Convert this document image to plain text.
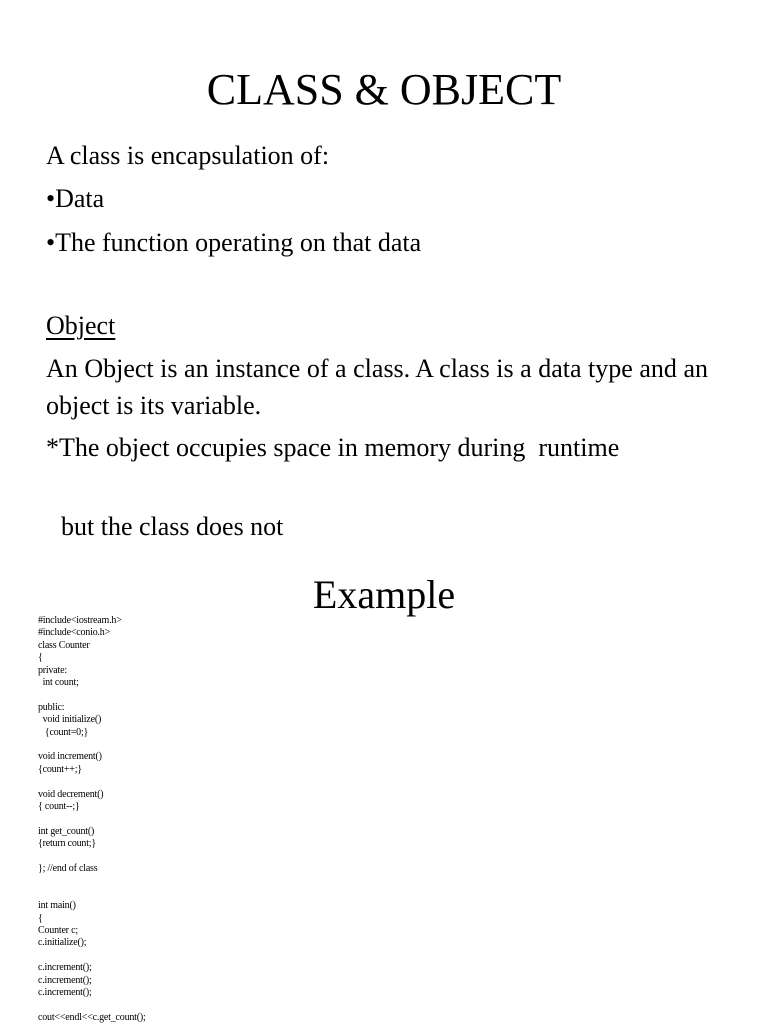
CLASS & OBJECT

A class is encapsulation of:

•Data
•The function operating on that data

Object

An Object is an instance of a class. A class is a data type and an object is its variable.

*The object occupies space in memory during  runtime

but the class does not

Example
#include<iostream.h>
#include<conio.h>
class Counter
{
private:
int count;
public:
void initialize()
{count=0;}
void increment()
{count++;}
void decrement()
{ count--;}
int get_count()
{return count;}
}; //end of class
int main()
{
Counter c;
c.initialize();
c.increment();
c.increment();
c.increment();
cout<<endl<<c.get_count();
